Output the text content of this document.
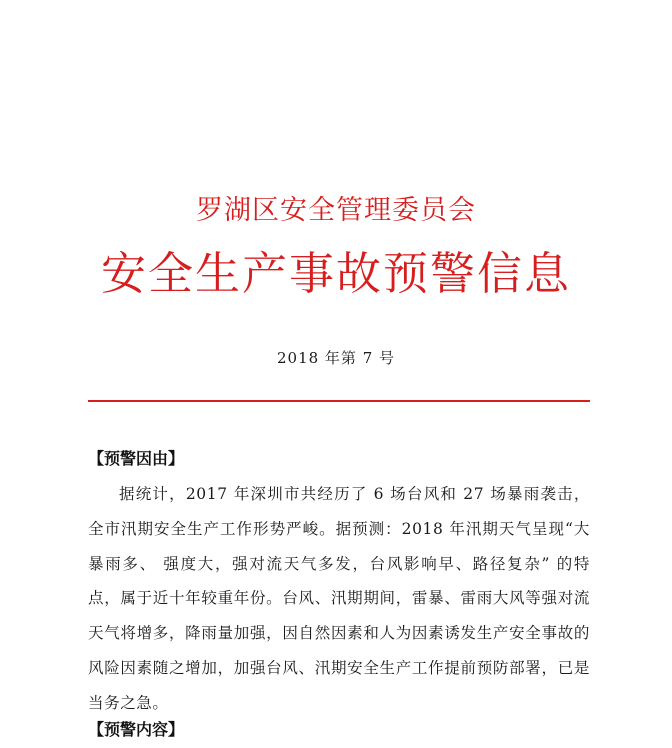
罗湖区安全管理委员会
安全生产事故预警信息
2018 年第 7 号
【预警因由】
据统计，2017 年深圳市共经历了 6 场台风和 27 场暴雨袭击，全市汛期安全生产工作形势严峻。据预测：2018 年汛期天气呈现“大暴雨多、 强度大，强对流天气多发，台风影响早、路径复杂” 的特点，属于近十年较重年份。台风、汛期期间，雷暴、雷雨大风等强对流天气将增多，降雨量加强，因自然因素和人为因素诱发生产安全事故的风险因素随之增加，加强台风、汛期安全生产工作提前预防部署，已是当务之急。
【预警内容】
